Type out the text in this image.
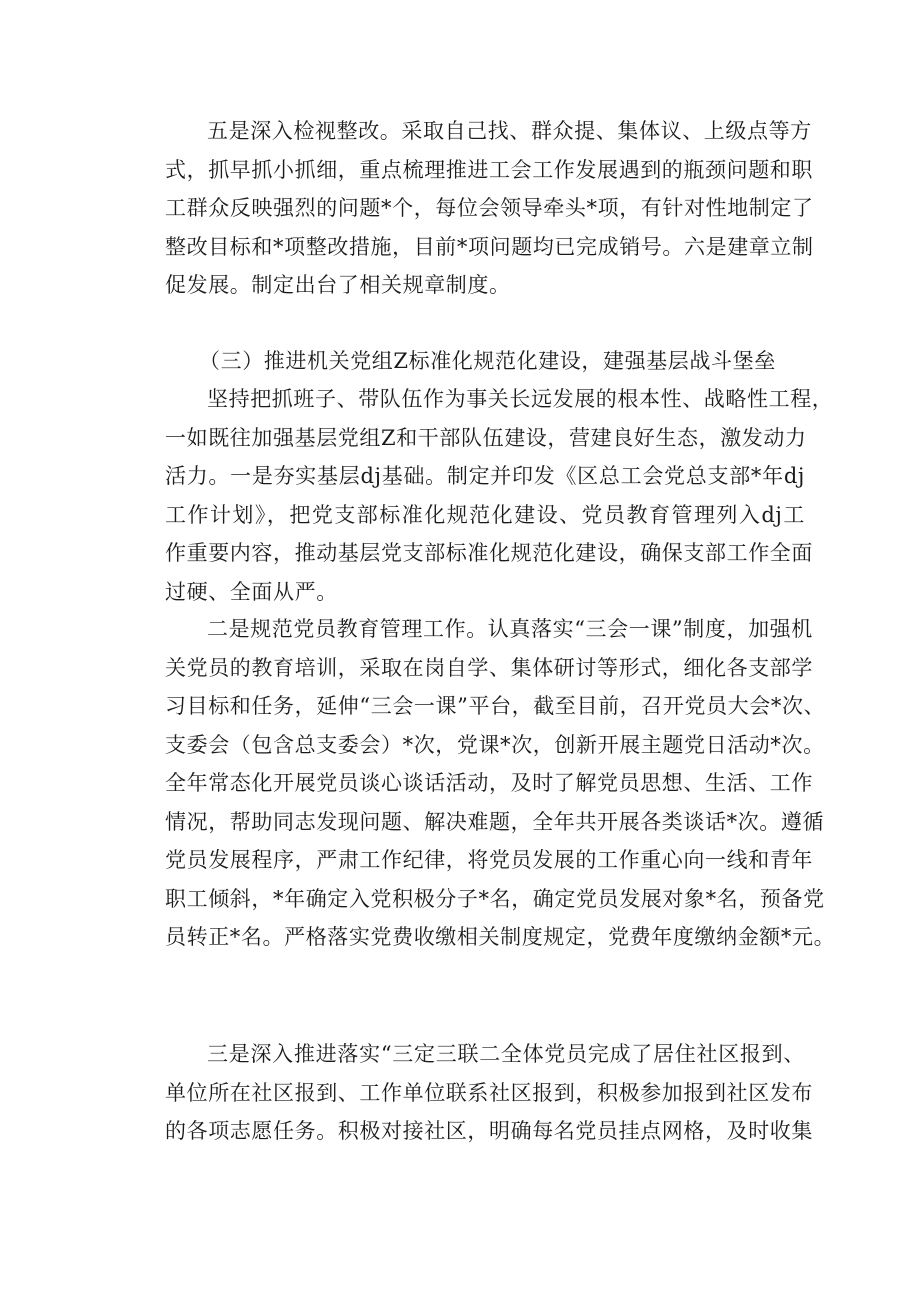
五是深入检视整改。采取自己找、群众提、集体议、上级点等方
式，抓早抓小抓细，重点梳理推进工会工作发展遇到的瓶颈问题和职
工群众反映强烈的问题*个，每位会领导牵头*项，有针对性地制定了
整改目标和*项整改措施，目前*项问题均已完成销号。六是建章立制
促发展。制定出台了相关规章制度。
（三）推进机关党组Z标准化规范化建设，建强基层战斗堡垒
坚持把抓班子、带队伍作为事关长远发展的根本性、战略性工程，
一如既往加强基层党组Z和干部队伍建设，营建良好生态，激发动力
活力。一是夯实基层dj基础。制定并印发《区总工会党总支部*年dj
工作计划》，把党支部标准化规范化建设、党员教育管理列入dj工
作重要内容，推动基层党支部标准化规范化建设，确保支部工作全面
过硬、全面从严。
二是规范党员教育管理工作。认真落实“三会一课”制度，加强机
关党员的教育培训，采取在岗自学、集体研讨等形式，细化各支部学
习目标和任务，延伸“三会一课”平台，截至目前，召开党员大会*次、
支委会（包含总支委会）*次，党课*次，创新开展主题党日活动*次。
全年常态化开展党员谈心谈话活动，及时了解党员思想、生活、工作
情况，帮助同志发现问题、解决难题，全年共开展各类谈话*次。遵循
党员发展程序，严肃工作纪律，将党员发展的工作重心向一线和青年
职工倾斜，*年确定入党积极分子*名，确定党员发展对象*名，预备党
员转正*名。严格落实党费收缴相关制度规定，党费年度缴纳金额*元。
三是深入推进落实“三定三联二全体党员完成了居住社区报到、
单位所在社区报到、工作单位联系社区报到，积极参加报到社区发布
的各项志愿任务。积极对接社区，明确每名党员挂点网格，及时收集
